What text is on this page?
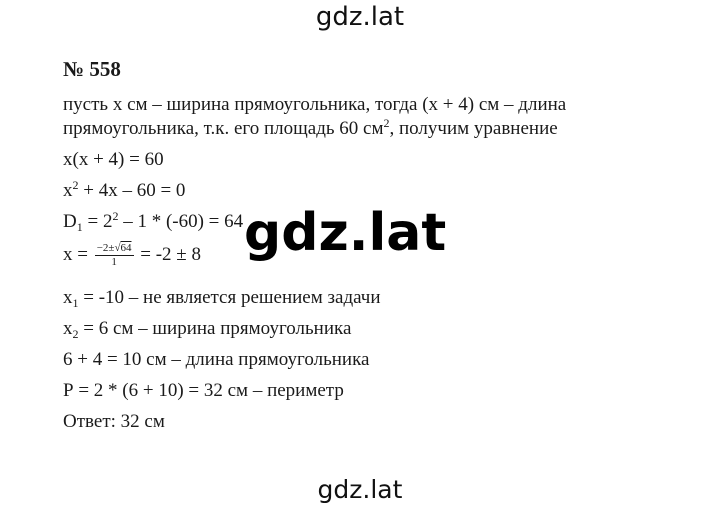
gdz.lat
№ 558
пусть х см – ширина прямоугольника, тогда (х + 4) см – длина
прямоугольника, т.к. его площадь 60 $см^2$, получим уравнение
х(х + 4) = 60
$х^2 + 4х - 60 = 0$
$D_1 = 2^2 - 1 * (-60) = 64$
$х = \frac{-2\pm√64}{1} = -2 \pm 8$
$х_1 = -10$ – не является решением задачи
$х_2 = 6$ см – ширина прямоугольника
6 + 4 = 10 см – длина прямоугольника
Р = 2 * (6 + 10) = 32 см – периметр
Ответ: 32 см
gdz.lat
gdz.lat
